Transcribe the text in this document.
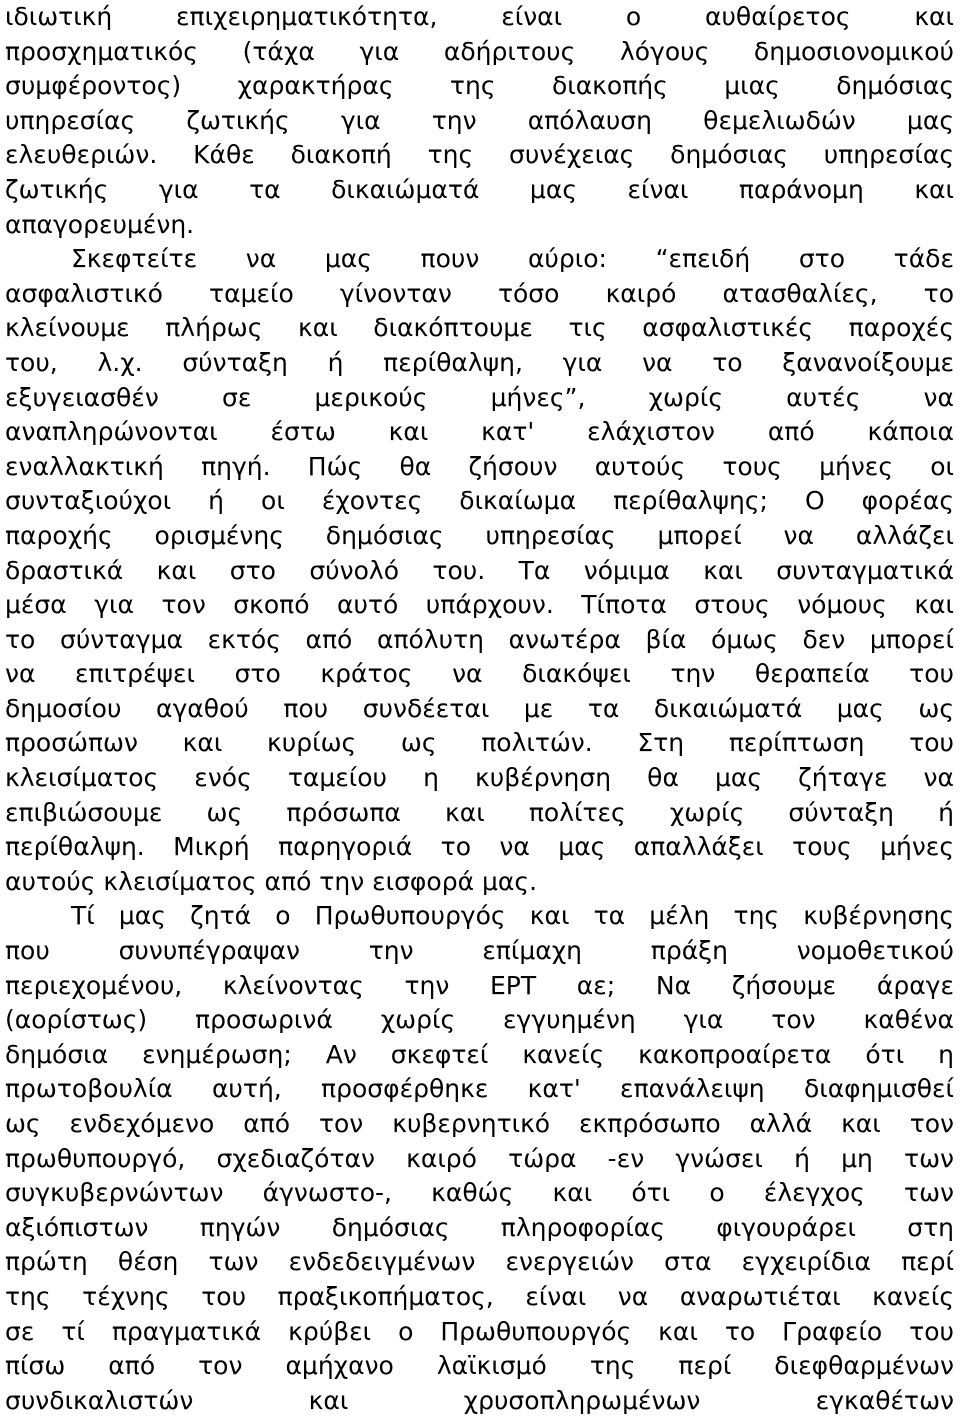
ιδιωτική επιχειρηματικότητα, είναι ο αυθαίρετος και
προσχηματικός (τάχα για αδήριτους λόγους δημοσιονομικού
συμφέροντος) χαρακτήρας της διακοπής μιας δημόσιας
υπηρεσίας ζωτικής για την απόλαυση θεμελιωδών μας
ελευθεριών. Κάθε διακοπή της συνέχειας δημόσιας υπηρεσίας
ζωτικής για τα δικαιώματά μας είναι παράνομη και
απαγορευμένη.
Σκεφτείτε να μας πουν αύριο: “επειδή στο τάδε
ασφαλιστικό ταμείο γίνονταν τόσο καιρό ατασθαλίες, το
κλείνουμε πλήρως και διακόπτουμε τις ασφαλιστικές παροχές
του, λ.χ. σύνταξη ή περίθαλψη, για να το ξανανοίξουμε
εξυγειασθέν σε μερικούς μήνες”, χωρίς αυτές να
αναπληρώνονται έστω και κατ' ελάχιστον από κάποια
εναλλακτική πηγή. Πώς θα ζήσουν αυτούς τους μήνες οι
συνταξιούχοι ή οι έχοντες δικαίωμα περίθαλψης; Ο φορέας
παροχής ορισμένης δημόσιας υπηρεσίας μπορεί να αλλάζει
δραστικά και στο σύνολό του. Τα νόμιμα και συνταγματικά
μέσα για τον σκοπό αυτό υπάρχουν. Τίποτα στους νόμους και
το σύνταγμα εκτός από απόλυτη ανωτέρα βία όμως δεν μπορεί
να επιτρέψει στο κράτος να διακόψει την θεραπεία του
δημοσίου αγαθού που συνδέεται με τα δικαιώματά μας ως
προσώπων και κυρίως ως πολιτών. Στη περίπτωση του
κλεισίματος ενός ταμείου η κυβέρνηση θα μας ζήταγε να
επιβιώσουμε ως πρόσωπα και πολίτες χωρίς σύνταξη ή
περίθαλψη. Μικρή παρηγοριά το να μας απαλλάξει τους μήνες
αυτούς κλεισίματος από την εισφορά μας.
Τί μας ζητά ο Πρωθυπουργός και τα μέλη της κυβέρνησης
που συνυπέγραψαν την επίμαχη πράξη νομοθετικού
περιεχομένου, κλείνοντας την ΕΡΤ αε; Να ζήσουμε άραγε
(αορίστως) προσωρινά χωρίς εγγυημένη για τον καθένα
δημόσια ενημέρωση; Αν σκεφτεί κανείς κακοπροαίρετα ότι η
πρωτοβουλία αυτή, προσφέρθηκε κατ' επανάλειψη διαφημισθεί
ως ενδεχόμενο από τον κυβερνητικό εκπρόσωπο αλλά και τον
πρωθυπουργό, σχεδιαζόταν καιρό τώρα -εν γνώσει ή μη των
συγκυβερνώντων άγνωστο-, καθώς και ότι ο έλεγχος των
αξιόπιστων πηγών δημόσιας πληροφορίας φιγουράρει στη
πρώτη θέση των ενδεδειγμένων ενεργειών στα εγχειρίδια περί
της τέχνης του πραξικοπήματος, είναι να αναρωτιέται κανείς
σε τί πραγματικά κρύβει ο Πρωθυπουργός και το Γραφείο του
πίσω από τον αμήχανο λαϊκισμό της περί διεφθαρμένων
συνδικαλιστών και χρυσοπληρωμένων εγκαθέτων
